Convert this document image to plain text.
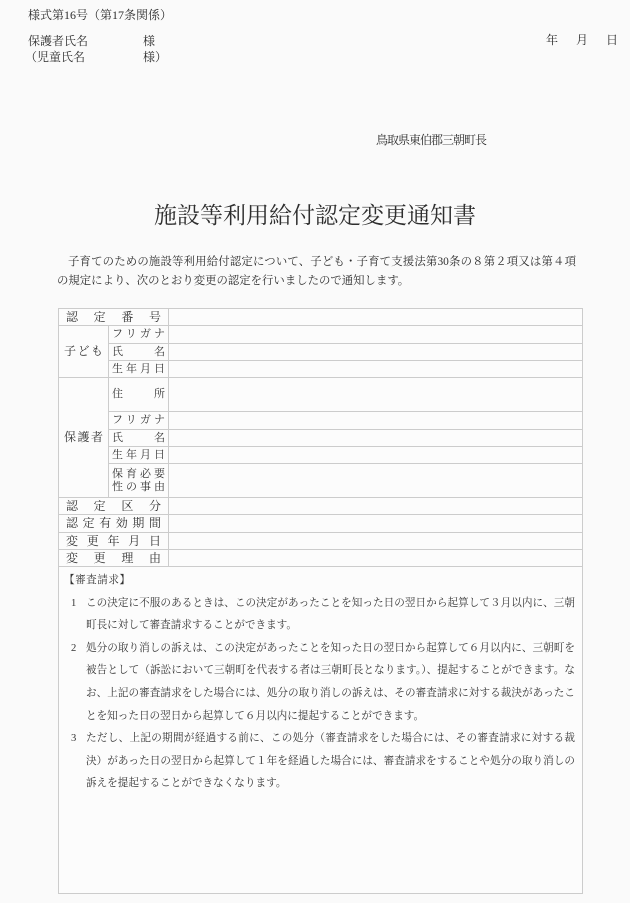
様式第16号（第17条関係）
保護者氏名	様
（児童氏名	様）
年　月　日
鳥取県東伯郡三朝町長
施設等利用給付認定変更通知書

子育てのための施設等利用給付認定について、子ども・子育て支援法第30条の８第２項又は第４項の規定により、次のとおり変更の認定を行いましたので通知します。

認定番号		
子ども	フリガナ	
	氏名	
	生年月日	
保護者	住所	
	フリガナ	
	氏名	
	生年月日	
	保育必要性の事由	
認定区分		
認定有効期間		
変更年月日		
変更理由		

【審査請求】
1 この決定に不服のあるときは、この決定があったことを知った日の翌日から起算して３月以内に、三朝町長に対して審査請求することができます。
2 処分の取り消しの訴えは、この決定があったことを知った日の翌日から起算して６月以内に、三朝町を被告として（訴訟において三朝町を代表する者は三朝町長となります。）、提起することができます。なお、上記の審査請求をした場合には、処分の取り消しの訴えは、その審査請求に対する裁決があったことを知った日の翌日から起算して６月以内に提起することができます。
3 ただし、上記の期間が経過する前に、この処分（審査請求をした場合には、その審査請求に対する裁決）があった日の翌日から起算して１年を経過した場合には、審査請求をすることや処分の取り消しの訴えを提起することができなくなります。
